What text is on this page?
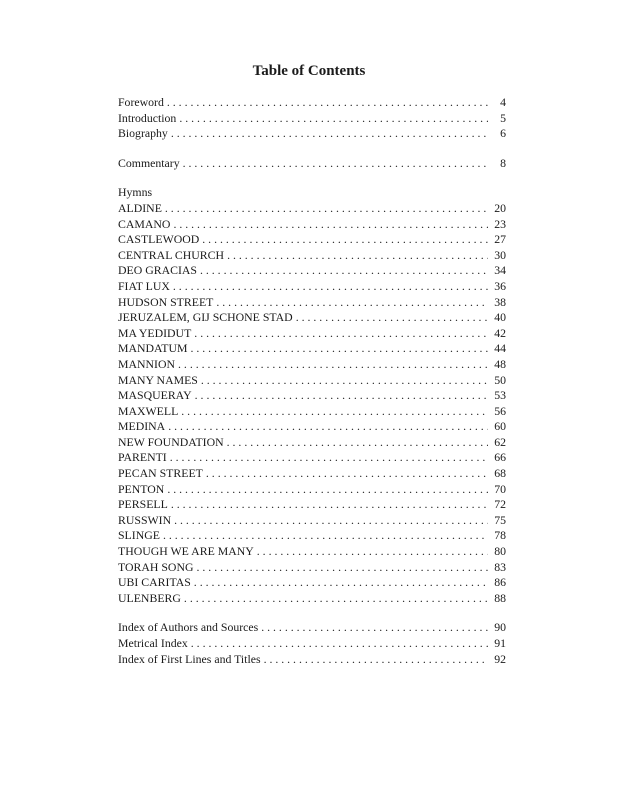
Table of Contents
Foreword . . .	4
Introduction . . .	5
Biography . . .	6
Commentary . . .	8
Hymns
ALDINE . . .	20
CAMANO . . .	23
CASTLEWOOD . . .	27
CENTRAL CHURCH . . .	30
DEO GRACIAS . . .	34
FIAT LUX . . .	36
HUDSON STREET . . .	38
JERUZALEM, GIJ SCHONE STAD . . .	40
MA YEDIDUT . . .	42
MANDATUM . . .	44
MANNION . . .	48
MANY NAMES . . .	50
MASQUERAY . . .	53
MAXWELL . . .	56
MEDINA . . .	60
NEW FOUNDATION . . .	62
PARENTI . . .	66
PECAN STREET . . .	68
PENTON . . .	70
PERSELL . . .	72
RUSSWIN . . .	75
SLINGE . . .	78
THOUGH WE ARE MANY . . .	80
TORAH SONG . . .	83
UBI CARITAS . . .	86
ULENBERG . . .	88
Index of Authors and Sources . . .	90
Metrical Index . . .	91
Index of First Lines and Titles . . .	92
